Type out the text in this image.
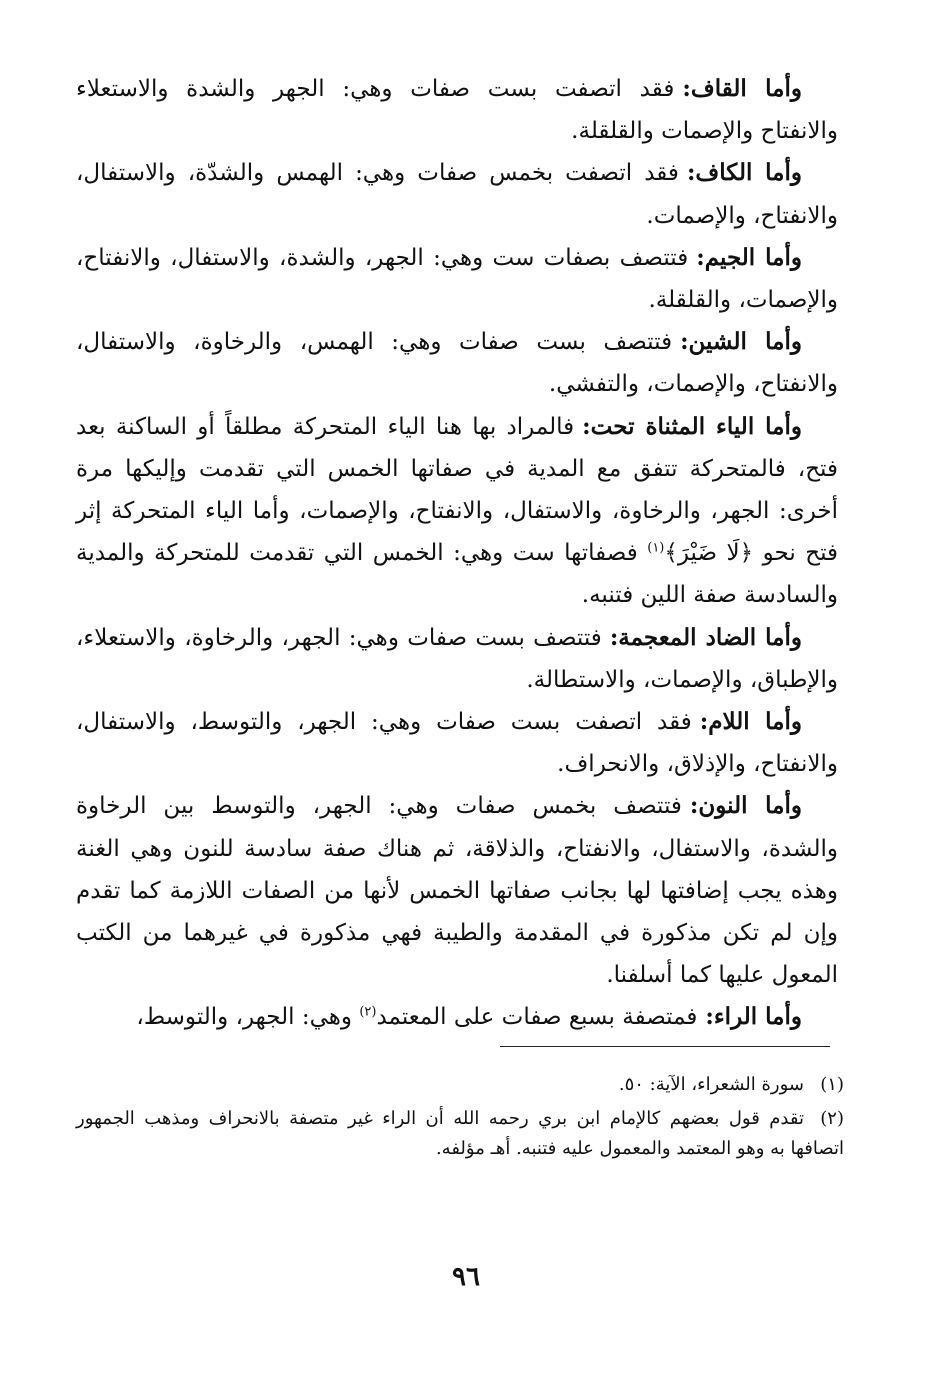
وأما القاف:فقد اتصفت بست صفات وهي: الجهر والشدة والاستعلاء والانفتاح والإصمات والقلقلة.

وأما الكاف:فقد اتصفت بخمس صفات وهي: الهمس والشدّة، والاستفال، والانفتاح، والإصمات.

وأما الجيم:فتتصف بصفات ست وهي: الجهر، والشدة، والاستفال، والانفتاح، والإصمات، والقلقلة.

وأما الشين:فتتصف بست صفات وهي: الهمس، والرخاوة، والاستفال، والانفتاح، والإصمات، والتفشي.

وأما الياء المثناة تحت:فالمراد بها هنا الياء المتحركة مطلقاً أو الساكنة بعد فتح، فالمتحركة تتفق مع المدية في صفاتها الخمس التي تقدمت وإليكها مرة أخرى: الجهر، والرخاوة، والاستفال، والانفتاح، والإصمات، وأما الياء المتحركة إثر فتح نحو ﴿لَا ضَيْرَ﴾$^{(١)}$ فصفاتها ست وهي: الخمس التي تقدمت للمتحركة والمدية والسادسة صفة اللين فتنبه.

وأما الضاد المعجمة:فتتصف بست صفات وهي: الجهر، والرخاوة، والاستعلاء، والإطباق، والإصمات، والاستطالة.

وأما اللام:فقد اتصفت بست صفات وهي: الجهر، والتوسط، والاستفال، والانفتاح، والإذلاق، والانحراف.

وأما النون:فتتصف بخمس صفات وهي: الجهر، والتوسط بين الرخاوة والشدة، والاستفال، والانفتاح، والذلاقة، ثم هناك صفة سادسة للنون وهي الغنة وهذه يجب إضافتها لها بجانب صفاتها الخمس لأنها من الصفات اللازمة كما تقدم وإن لم تكن مذكورة في المقدمة والطيبة فهي مذكورة في غيرهما من الكتب المعول عليها كما أسلفنا.

وأما الراء:فمتصفة بسبع صفات على المعتمد$^{(٢)}$ وهي: الجهر، والتوسط،

(١)سورة الشعراء، الآية: ٥٠.

(٢)تقدم قول بعضهم كالإمام ابن بري رحمه الله أن الراء غير متصفة بالانحراف ومذهب الجمهور اتصافها به وهو المعتمد والمعمول عليه فتنبه. أهـ مؤلفه.

٩٦
